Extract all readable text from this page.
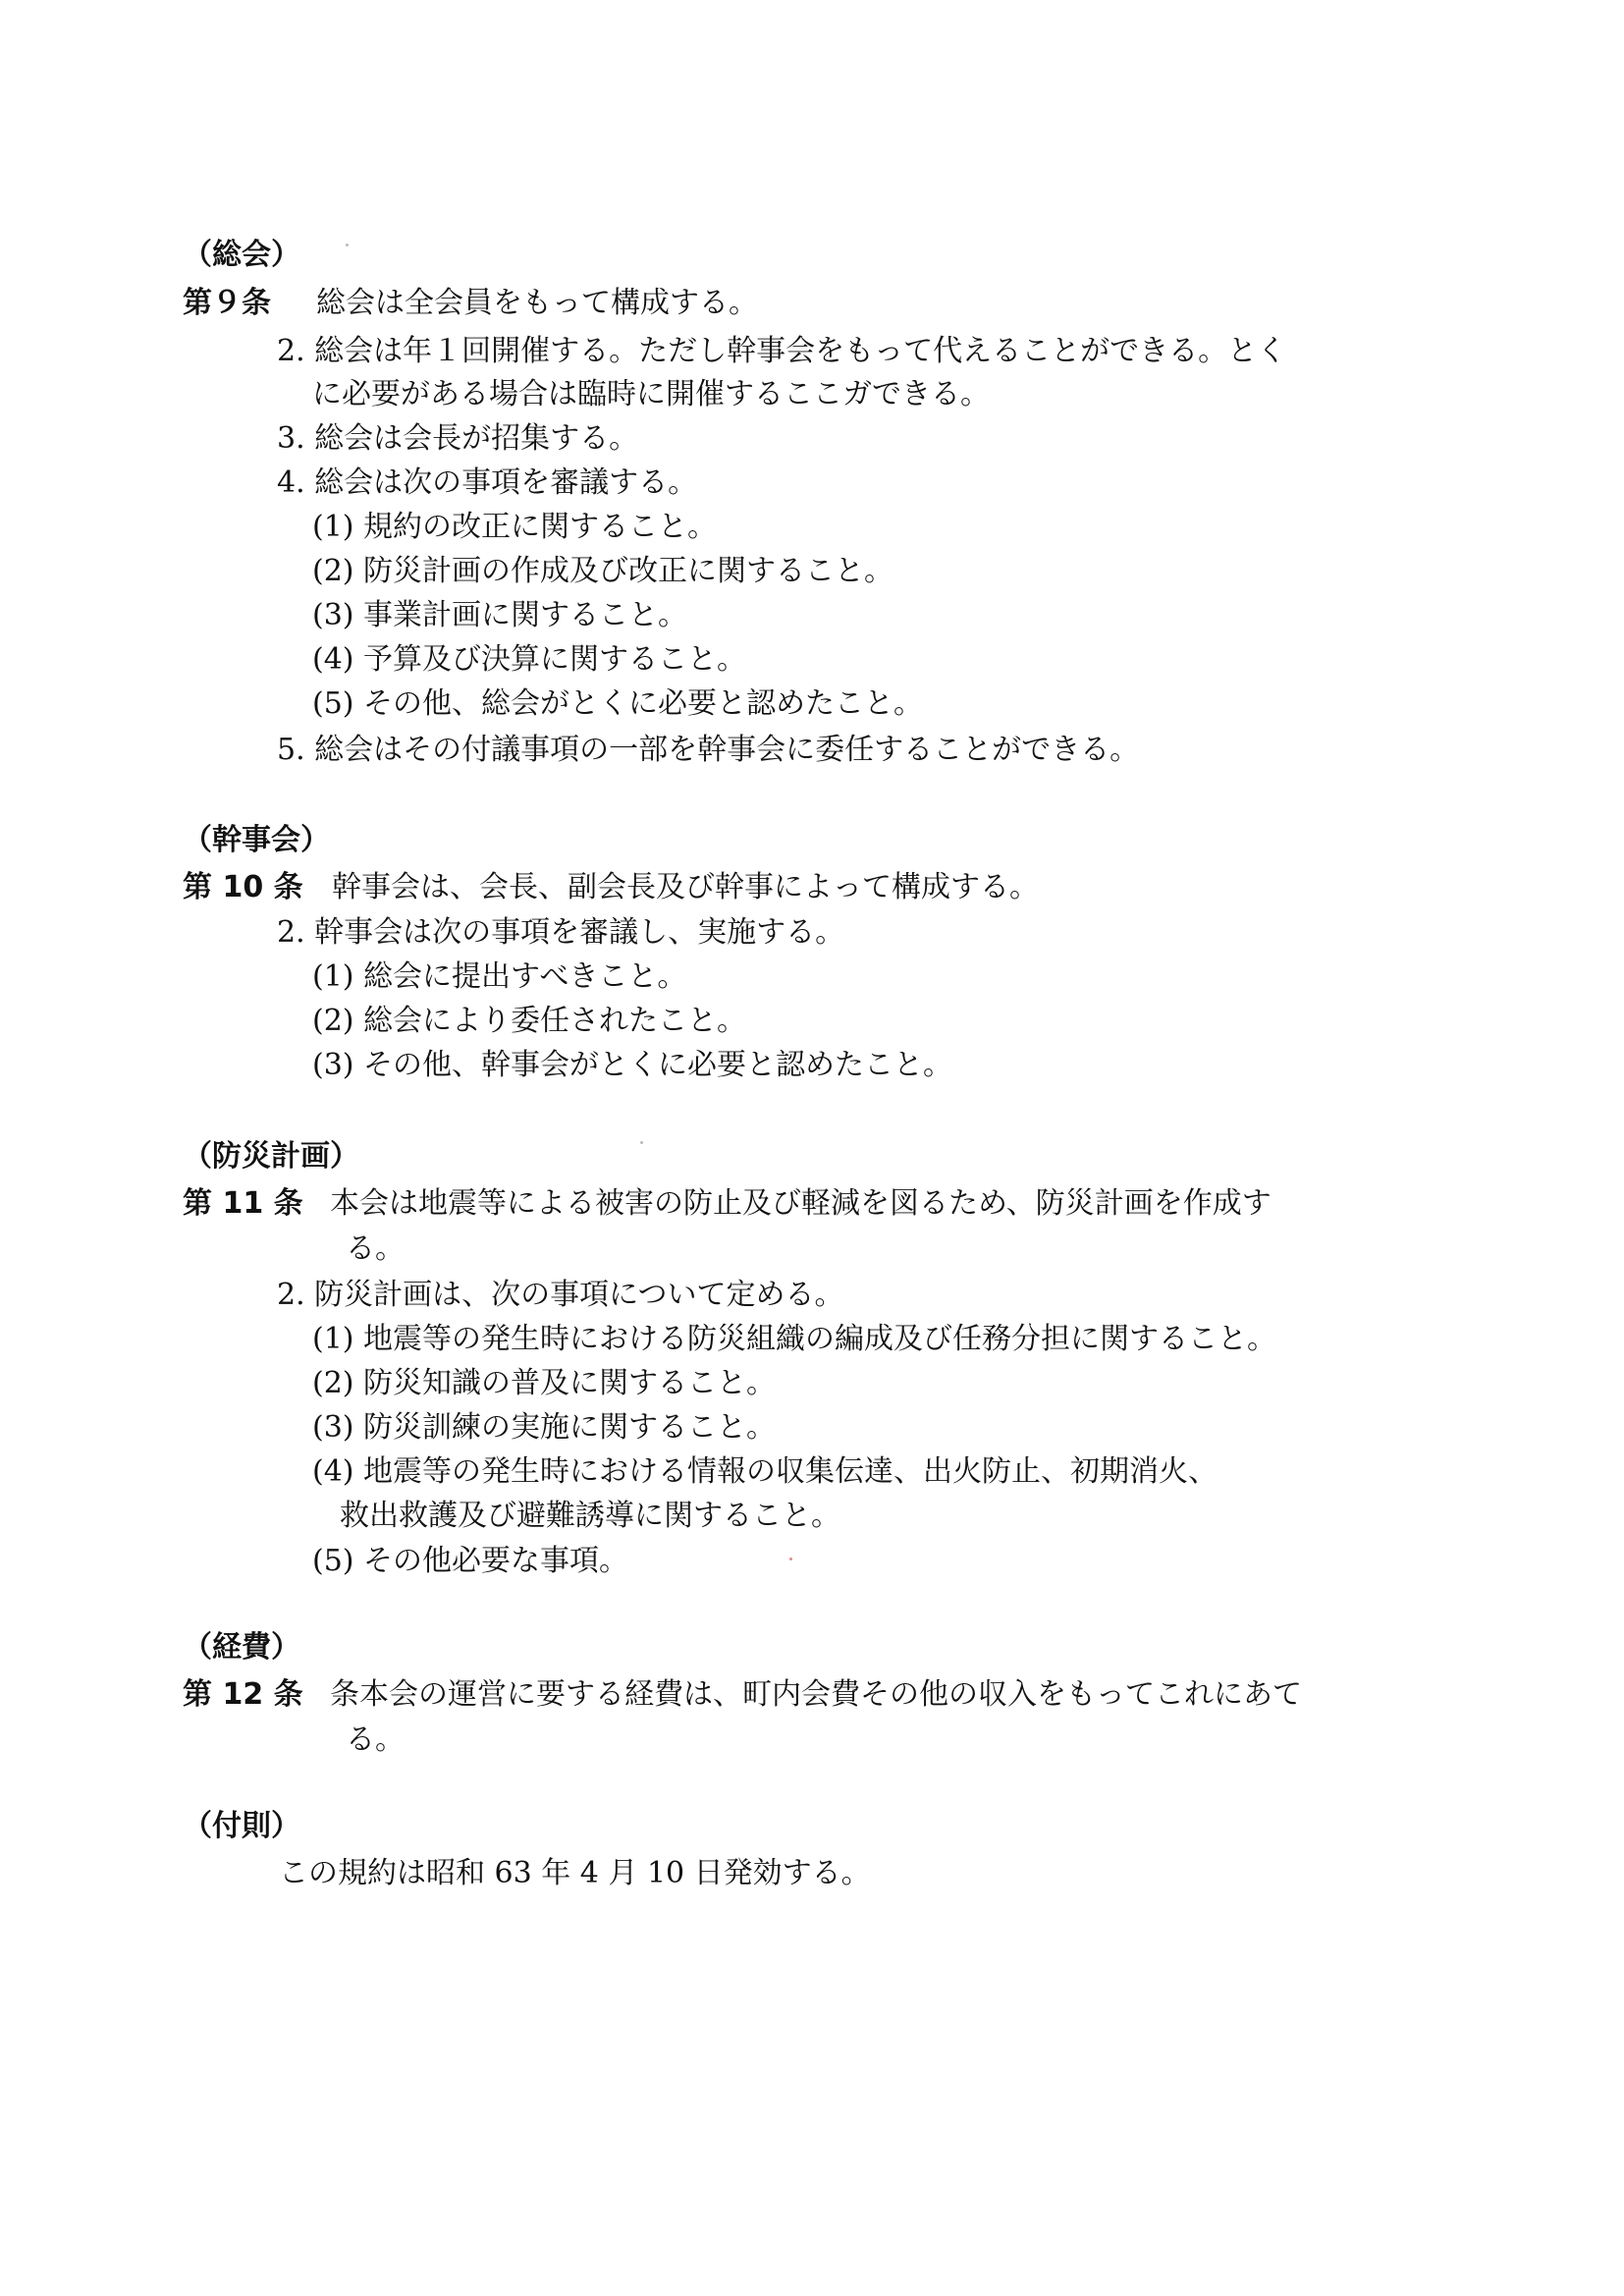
（総会）
第９条 総会は全会員をもって構成する。
2. 総会は年１回開催する。ただし幹事会をもって代えることができる。とく
に必要がある場合は臨時に開催するここガできる。
3. 総会は会長が招集する。
4. 総会は次の事項を審議する。
(1) 規約の改正に関すること。
(2) 防災計画の作成及び改正に関すること。
(3) 事業計画に関すること。
(4) 予算及び決算に関すること。
(5) その他、総会がとくに必要と認めたこと。
5. 総会はその付議事項の一部を幹事会に委任することができる。
（幹事会）
第 10 条 幹事会は、会長、副会長及び幹事によって構成する。
2. 幹事会は次の事項を審議し、実施する。
(1) 総会に提出すべきこと。
(2) 総会により委任されたこと。
(3) その他、幹事会がとくに必要と認めたこと。
（防災計画）
第 11 条 本会は地震等による被害の防止及び軽減を図るため、防災計画を作成す
る。
2. 防災計画は、次の事項について定める。
(1) 地震等の発生時における防災組織の編成及び任務分担に関すること。
(2) 防災知識の普及に関すること。
(3) 防災訓練の実施に関すること。
(4) 地震等の発生時における情報の収集伝達、出火防止、初期消火、
救出救護及び避難誘導に関すること。
(5) その他必要な事項。
（経費）
第 12 条 条本会の運営に要する経費は、町内会費その他の収入をもってこれにあて
る。
（付則）
この規約は昭和 63 年 4 月 10 日発効する。
